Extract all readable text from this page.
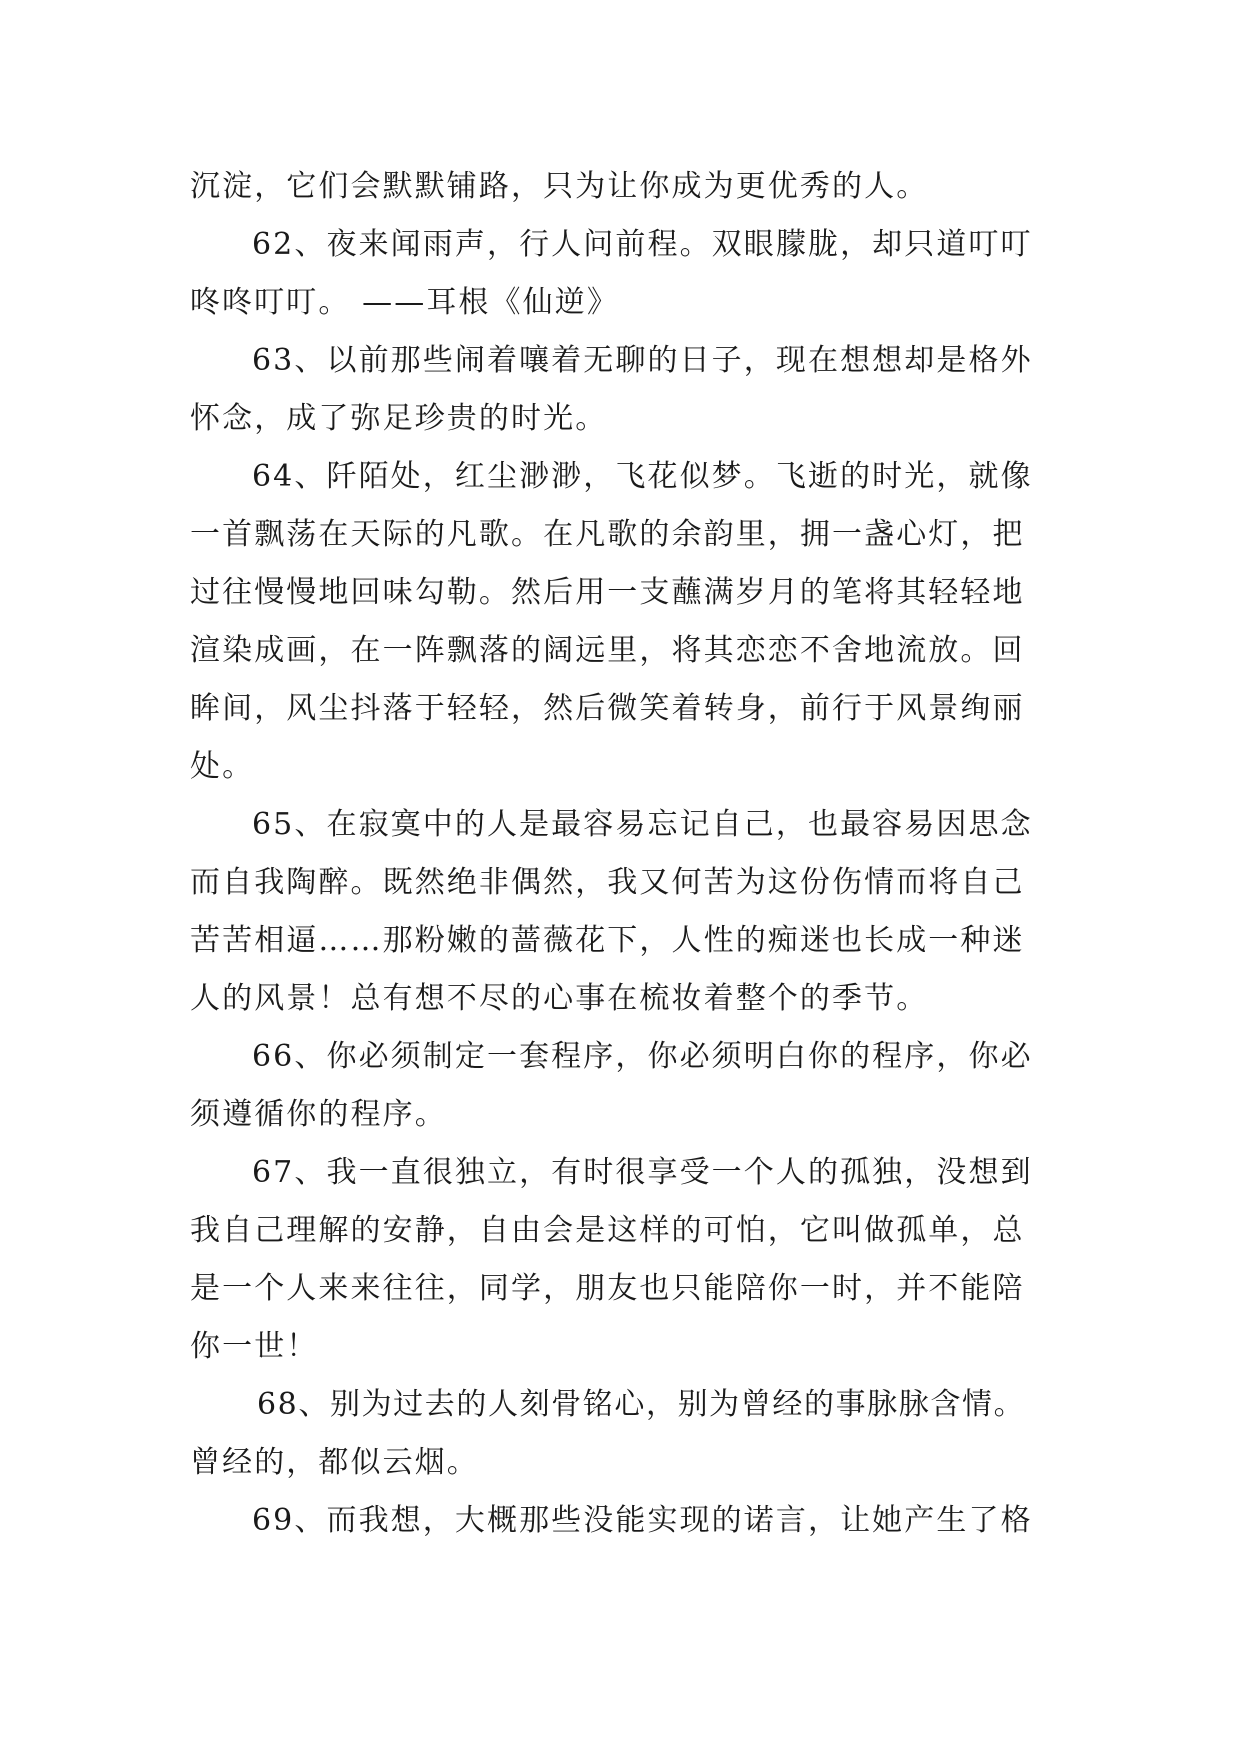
沉淀，它们会默默铺路，只为让你成为更优秀的人。

62、夜来闻雨声，行人问前程。双眼朦胧，却只道叮叮
咚咚叮叮。 ——耳根《仙逆》

63、以前那些闹着嚷着无聊的日子，现在想想却是格外
怀念，成了弥足珍贵的时光。

64、阡陌处，红尘渺渺，飞花似梦。飞逝的时光，就像
一首飘荡在天际的凡歌。在凡歌的余韵里，拥一盏心灯，把
过往慢慢地回味勾勒。然后用一支蘸满岁月的笔将其轻轻地
渲染成画，在一阵飘落的阔远里，将其恋恋不舍地流放。回
眸间，风尘抖落于轻轻，然后微笑着转身，前行于风景绚丽
处。

65、在寂寞中的人是最容易忘记自己，也最容易因思念
而自我陶醉。既然绝非偶然，我又何苦为这份伤情而将自己
苦苦相逼……那粉嫩的蔷薇花下，人性的痴迷也长成一种迷
人的风景！总有想不尽的心事在梳妆着整个的季节。

66、你必须制定一套程序，你必须明白你的程序，你必
须遵循你的程序。

67、我一直很独立，有时很享受一个人的孤独，没想到
我自己理解的安静，自由会是这样的可怕，它叫做孤单，总
是一个人来来往往，同学，朋友也只能陪你一时，并不能陪
你一世！

68、别为过去的人刻骨铭心，别为曾经的事脉脉含情。
曾经的，都似云烟。

69、而我想，大概那些没能实现的诺言，让她产生了格
